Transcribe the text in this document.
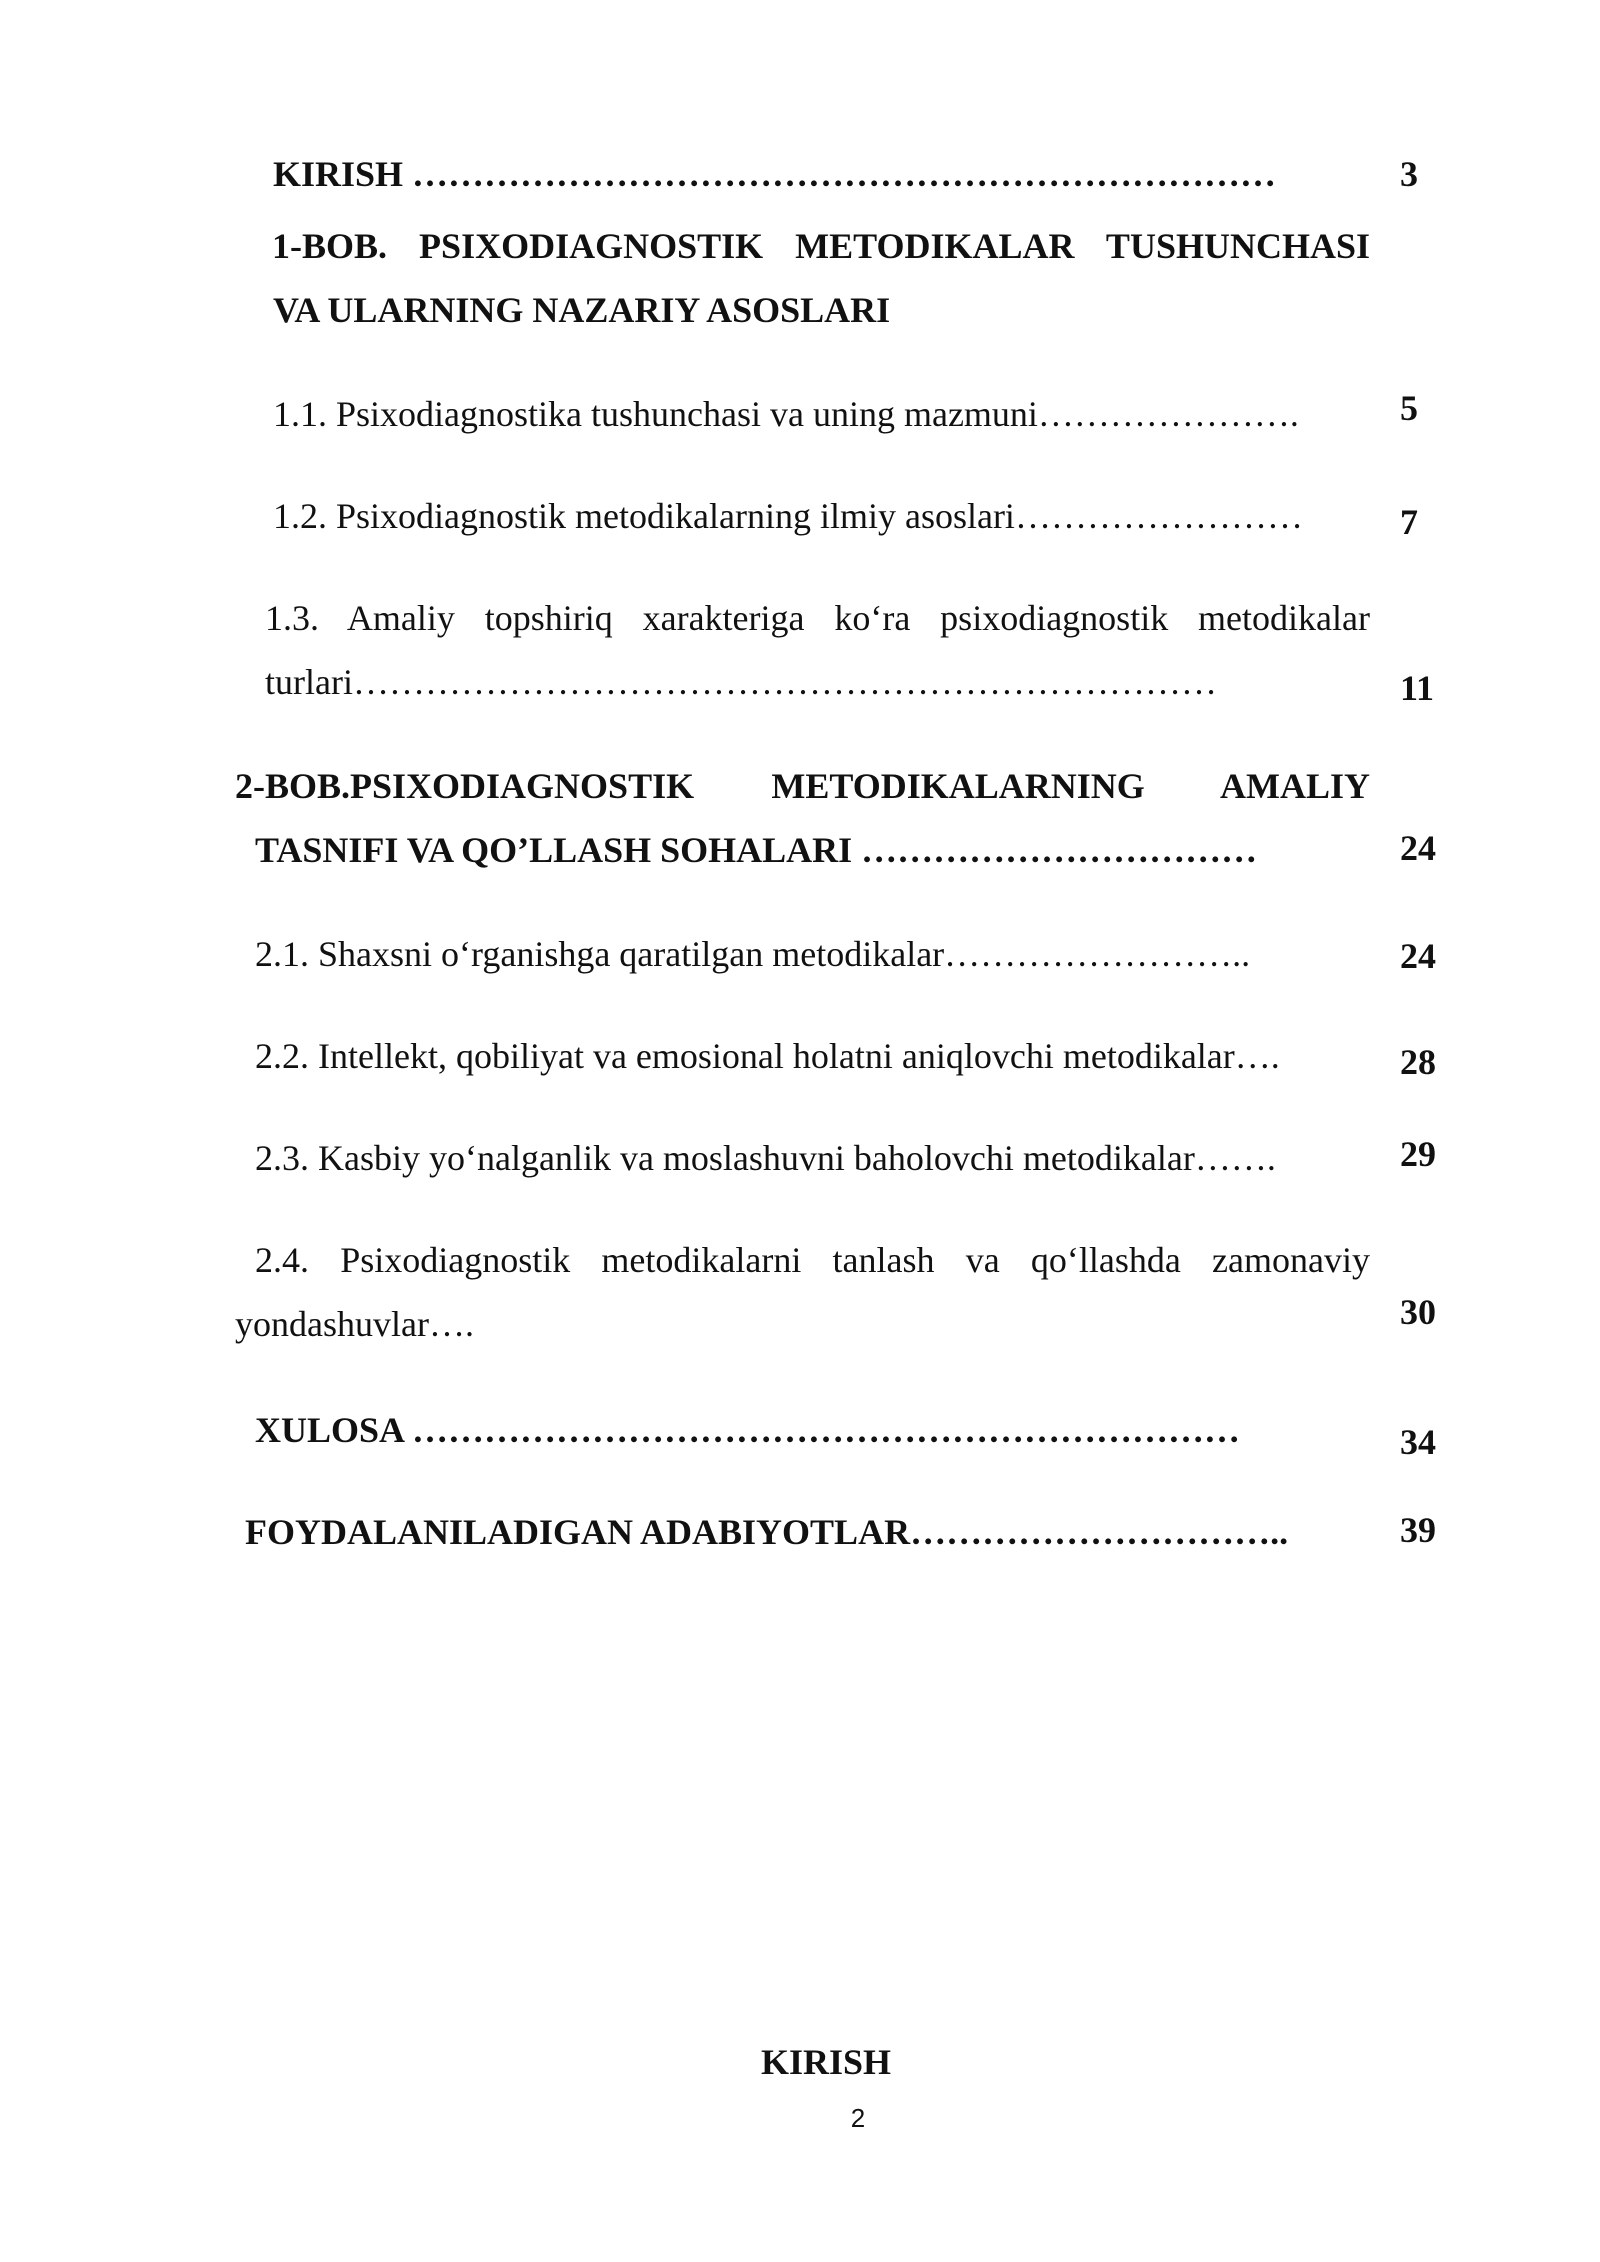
KIRISH ………………………………………………………………	3
1-BOB. PSIXODIAGNOSTIK METODIKALAR TUSHUNCHASI
VA ULARNING NAZARIY ASOSLARI
1.1. Psixodiagnostika tushunchasi va uning mazmuni………………….	5
1.2. Psixodiagnostik metodikalarning ilmiy asoslari……………………	7
1.3. Amaliy topshiriq xarakteriga ko‘ra psixodiagnostik metodikalar
turlari………………………………………………………………	11
2-BOB.PSIXODIAGNOSTIK METODIKALARNING AMALIY
TASNIFI VA QO’LLASH SOHALARI ……………………………	24
2.1. Shaxsni o‘rganishga qaratilgan metodikalar……………………..	24
2.2. Intellekt, qobiliyat va emosional holatni aniqlovchi metodikalar….	28
2.3. Kasbiy yo‘nalganlik va moslashuvni baholovchi metodikalar…….	29
2.4. Psixodiagnostik metodikalarni tanlash va qo‘llashda zamonaviy
yondashuvlar….	30
XULOSA ……………………………………………………………	34
FOYDALANILADIGAN ADABIYOTLAR…………………………..	39
KIRISH
2
